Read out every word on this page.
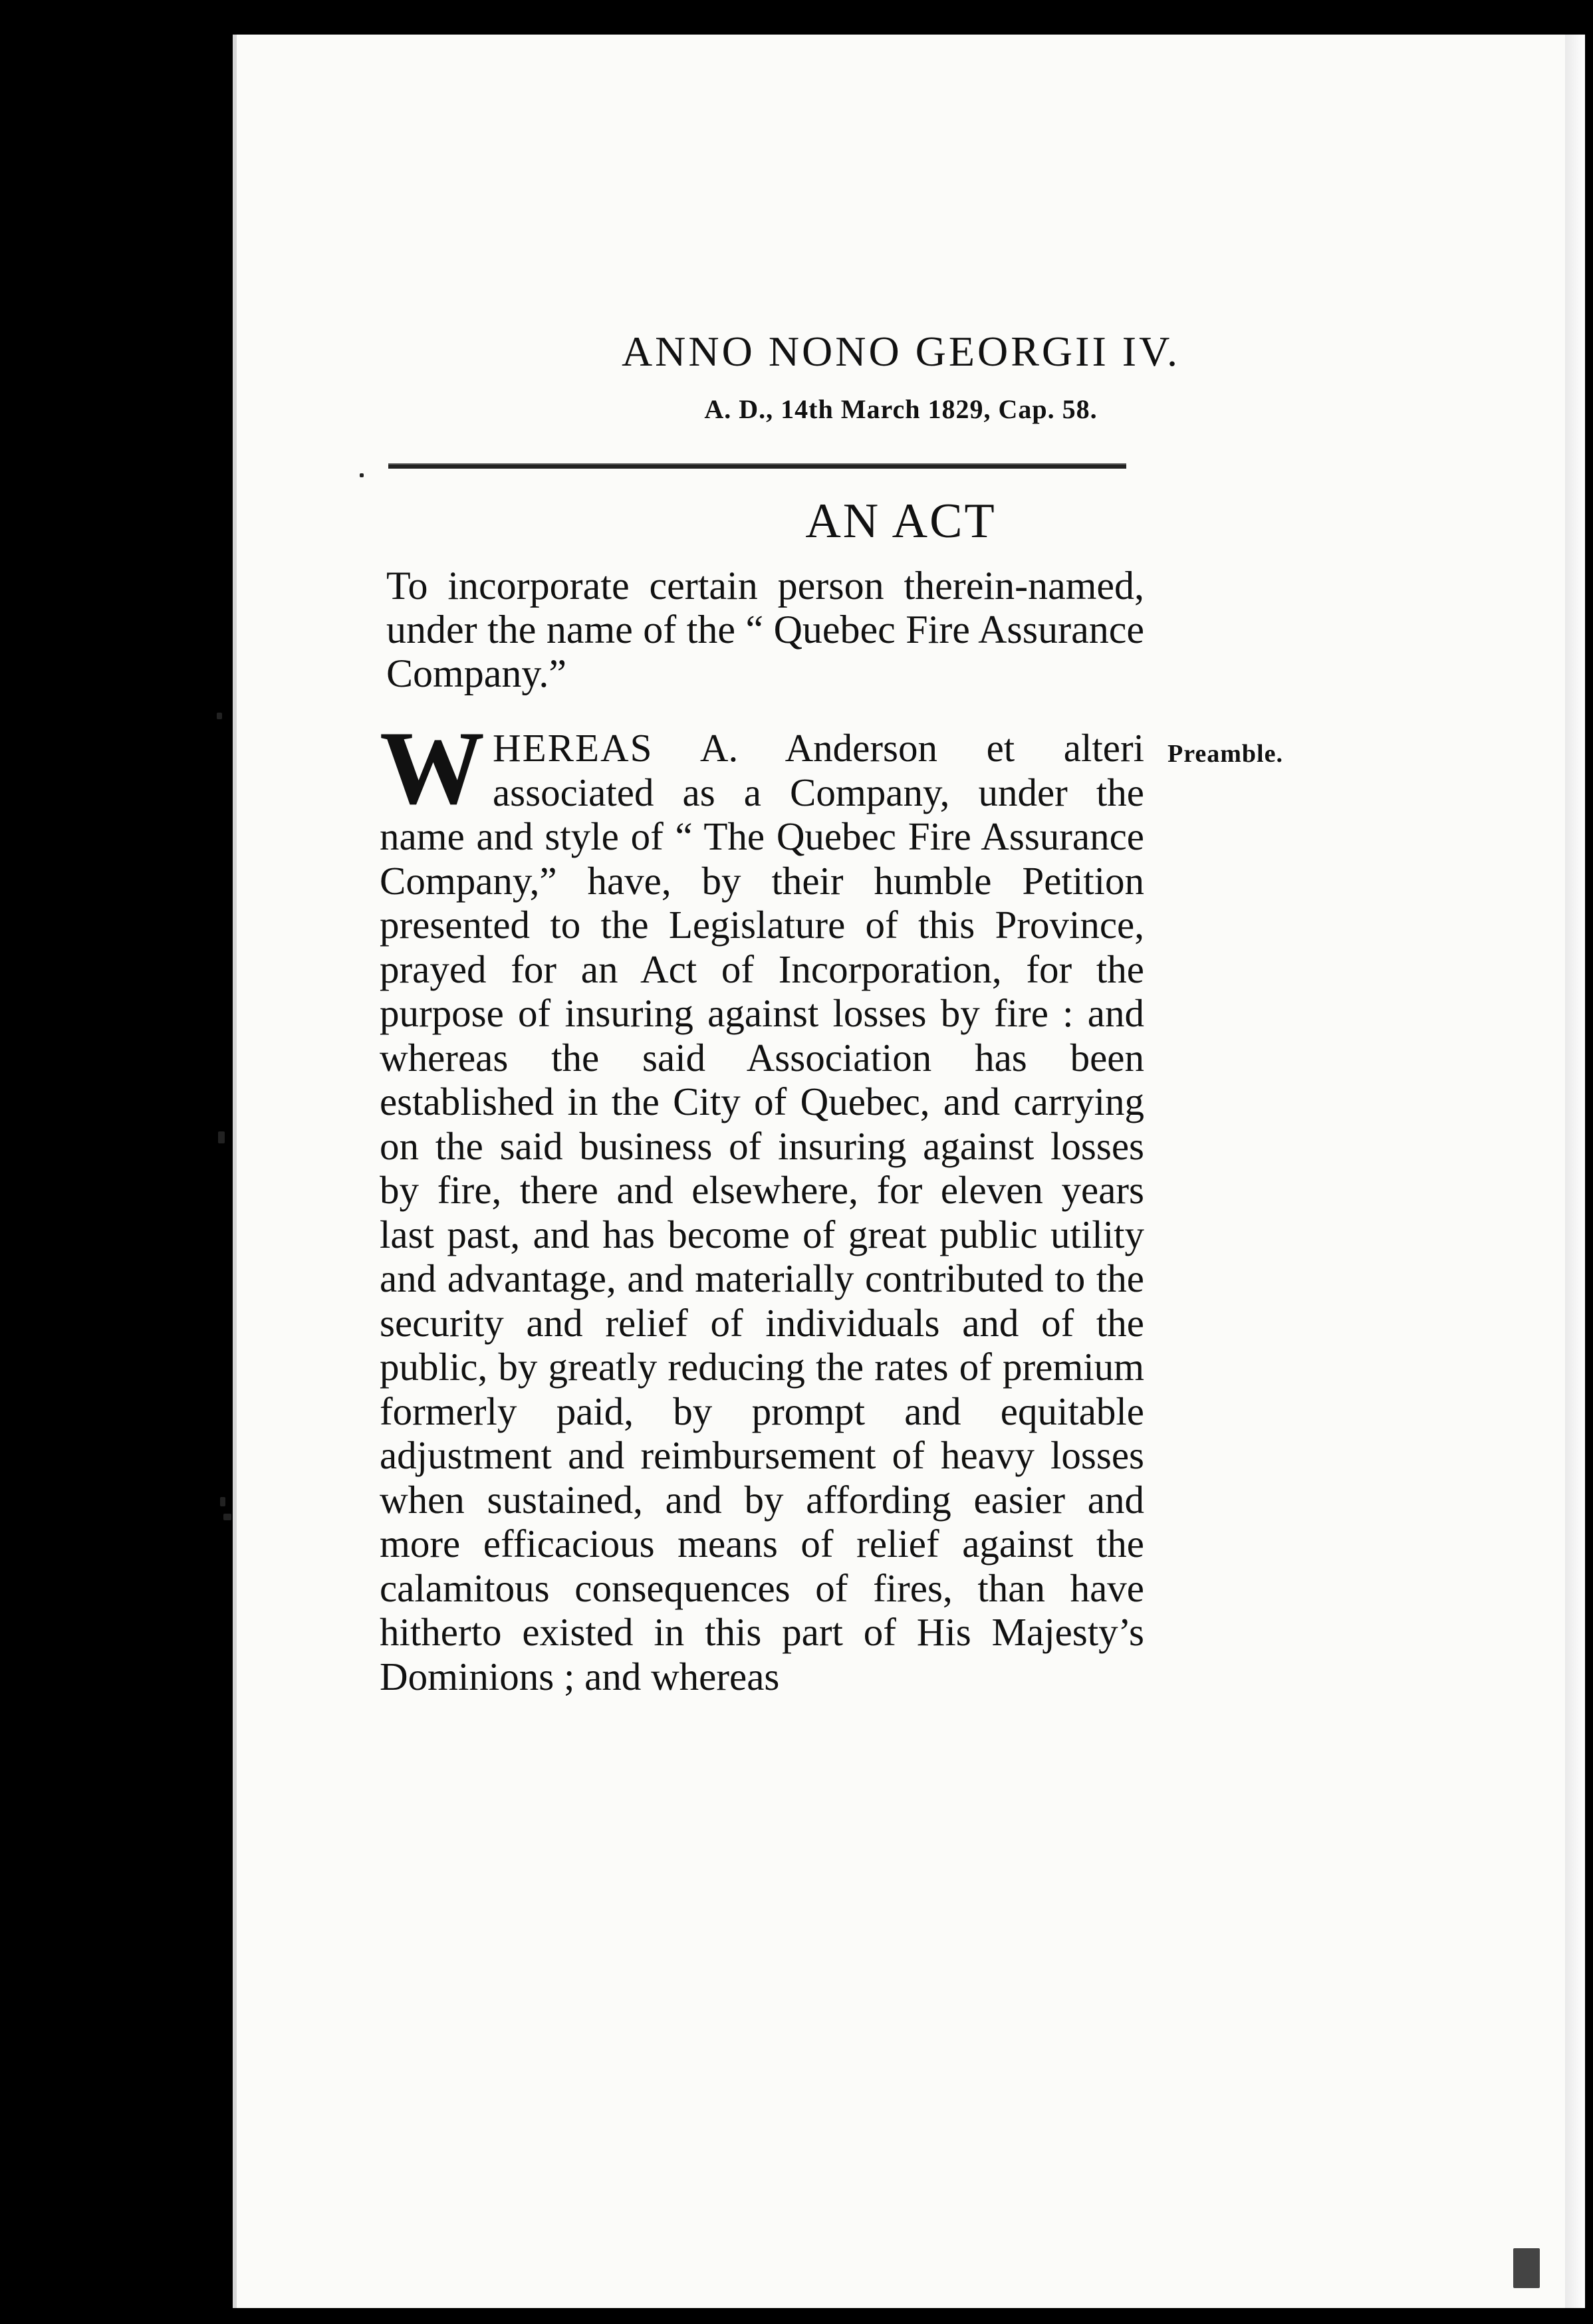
ANNO NONO GEORGII IV.
A. D., 14th March 1829, Cap. 58.
AN ACT
To incorporate certain person therein-named, under the name of the “ Quebec Fire Assurance Company.”
Preamble.
WHEREAS A. Anderson et alteri associated as a Company, under the name and style of “ The Quebec Fire Assurance Company,” have, by their humble Petition presented to the Legislature of this Province, prayed for an Act of Incorporation, for the purpose of insuring against losses by fire : and whereas the said Association has been established in the City of Quebec, and carrying on the said business of insuring against losses by fire, there and elsewhere, for eleven years last past, and has become of great public utility and advantage, and materially contributed to the security and relief of individuals and of the public, by greatly reducing the rates of premium formerly paid, by prompt and equitable adjustment and reimbursement of heavy losses when sustained, and by affording easier and more efficacious means of relief against the calamitous consequences of fires, than have hitherto existed in this part of His Majesty’s Dominions ; and whereas
